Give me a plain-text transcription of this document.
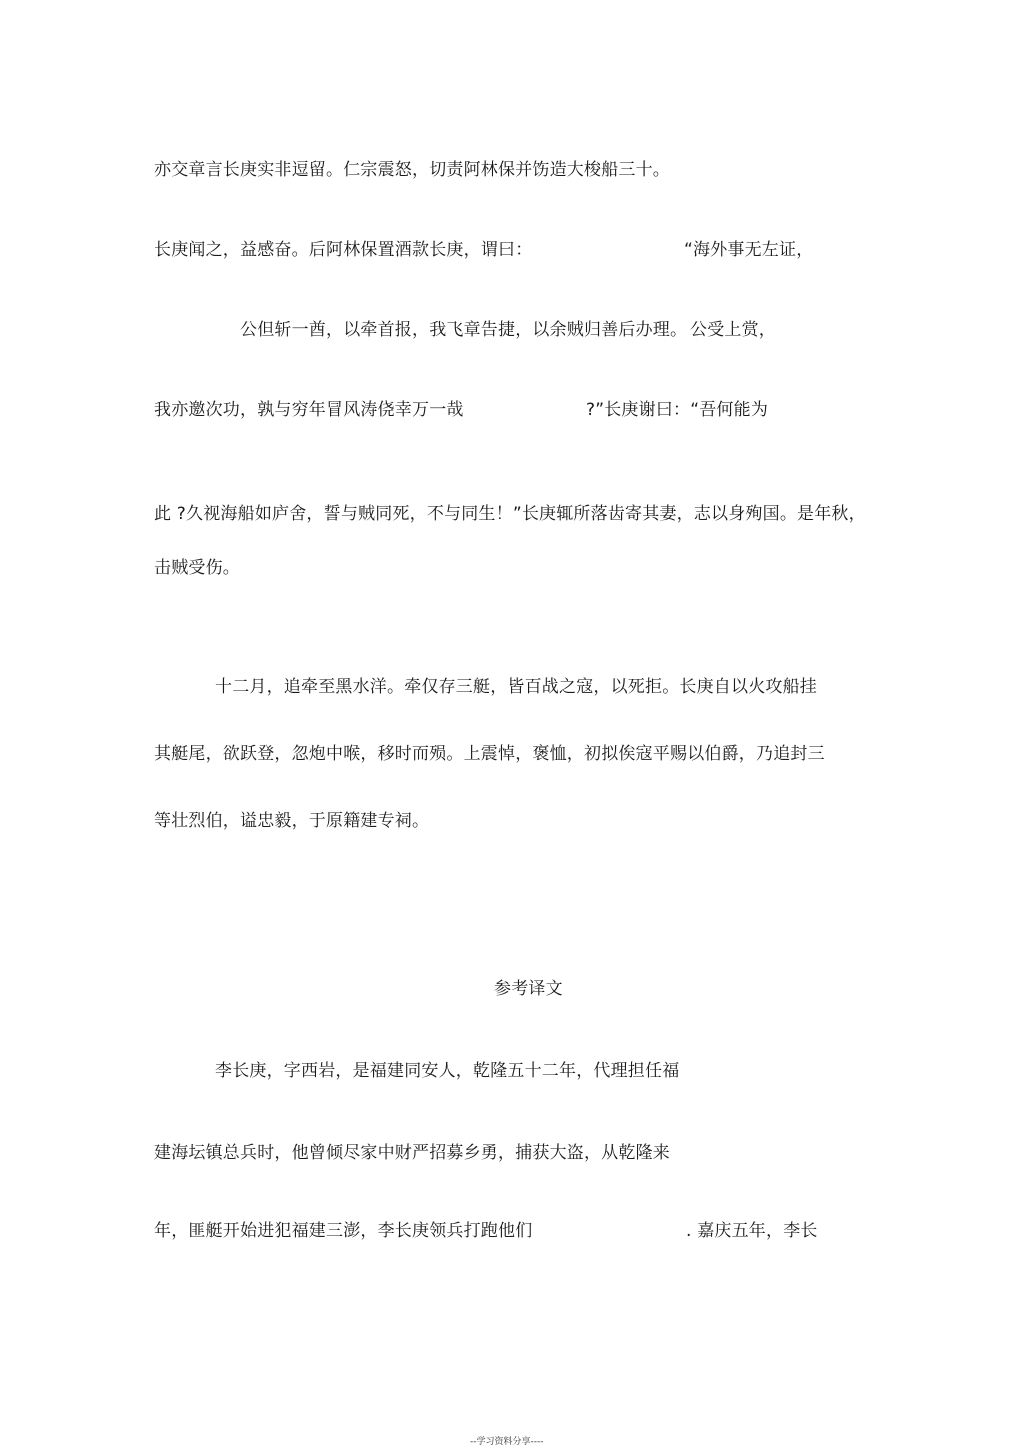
亦交章言长庚实非逗留。仁宗震怒，切责阿林保并饬造大梭船三十。
长庚闻之，益感奋。后阿林保置酒款长庚，谓曰：	“海外事无左证，
公但斩一酋，以牵首报，我飞章告捷，以余贼归善后办理。 公受上赏，
我亦邀次功，孰与穷年冒风涛侥幸万一哉	?”长庚谢曰：“吾何能为
此 ?久视海船如庐舍，誓与贼同死，不与同生！”长庚辄所落齿寄其妻，志以身殉国。是年秋，
击贼受伤。
十二月，追牵至黑水洋。牵仅存三艇，皆百战之寇，以死拒。长庚自以火攻船挂
其艇尾，欲跃登，忽炮中喉，移时而殒。上震悼，褒恤，初拟俟寇平赐以伯爵，乃追封三
等壮烈伯，谥忠毅，于原籍建专祠。
参考译文
李长庚，字西岩，是福建同安人，乾隆五十二年，代理担任福
建海坛镇总兵时，他曾倾尽家中财严招募乡勇，捕获大盗，从乾隆来
年，匪艇开始进犯福建三澎，李长庚领兵打跑他们	. 嘉庆五年，李长
--学习资料分享----
